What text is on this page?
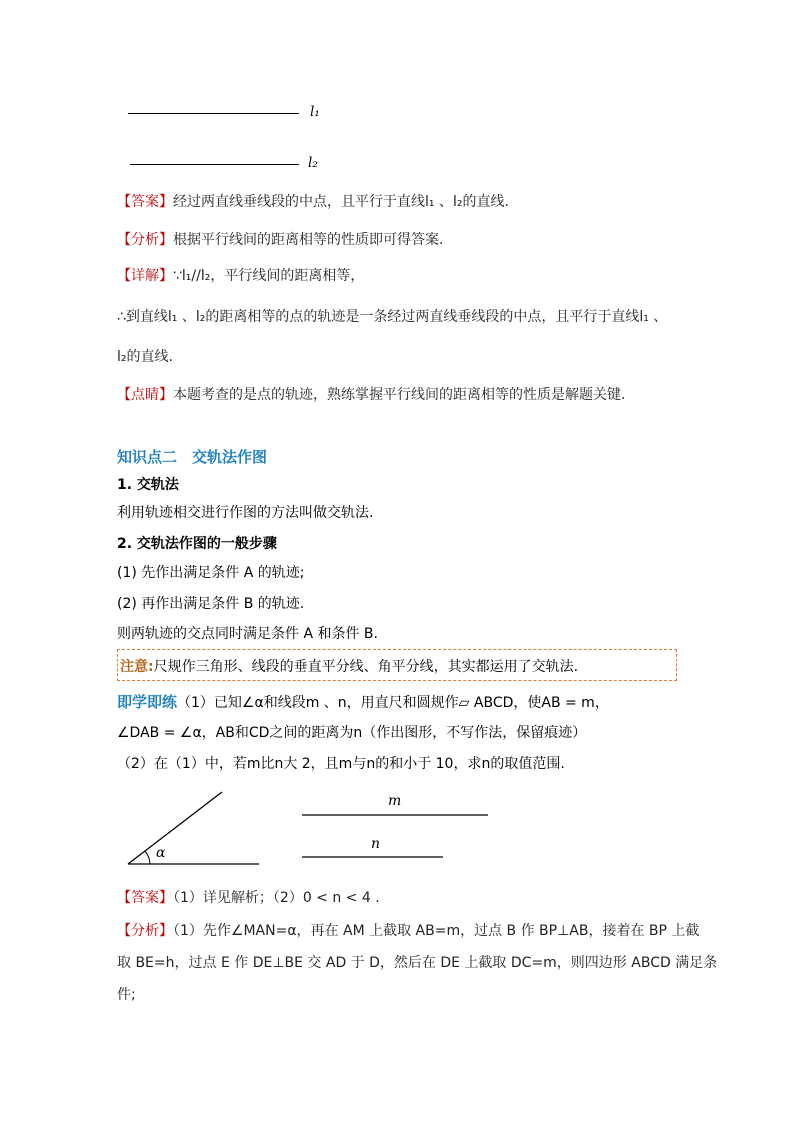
l₁
l₂
【答案】经过两直线垂线段的中点，且平行于直线l₁ 、l₂的直线.
【分析】根据平行线间的距离相等的性质即可得答案.
【详解】∵l₁//l₂，平行线间的距离相等，
∴到直线l₁ 、l₂的距离相等的点的轨迹是一条经过两直线垂线段的中点，且平行于直线l₁ 、
l₂的直线.
【点睛】本题考查的是点的轨迹，熟练掌握平行线间的距离相等的性质是解题关键.
知识点二　交轨法作图
1. 交轨法
利用轨迹相交进行作图的方法叫做交轨法.
2. 交轨法作图的一般步骤
(1) 先作出满足条件 A 的轨迹;
(2) 再作出满足条件 B 的轨迹.
则两轨迹的交点同时满足条件 A 和条件 B.
注意:尺规作三角形、线段的垂直平分线、角平分线，其实都运用了交轨法.
即学即练（1）已知∠α和线段m 、n，用直尺和圆规作▱ ABCD，使AB = m，
∠DAB = ∠α，AB和CD之间的距离为n（作出图形，不写作法，保留痕迹）
（2）在（1）中，若m比n大 2，且m与n的和小于 10，求n的取值范围.
α
m
n
【答案】（1）详见解析；（2）0 < n < 4 .
【分析】（1）先作∠MAN=α，再在 AM 上截取 AB=m，过点 B 作 BP⊥AB，接着在 BP 上截
取 BE=h，过点 E 作 DE⊥BE 交 AD 于 D，然后在 DE 上截取 DC=m，则四边形 ABCD 满足条
件;
